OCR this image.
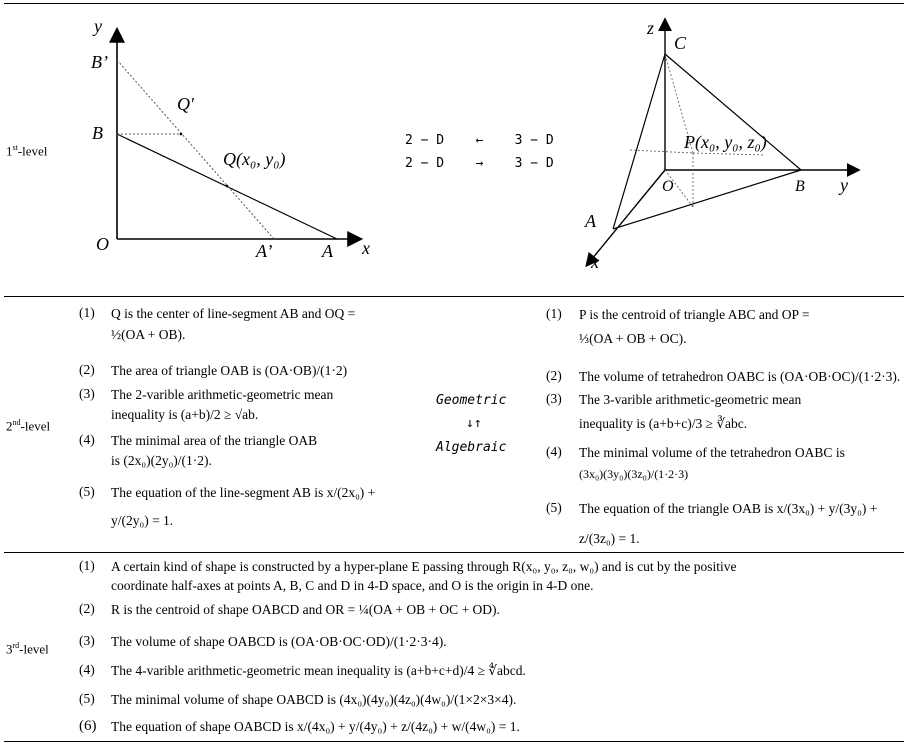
1st-level
2nd-level
3rd-level
y
x
B’
B
O	A’	A
Q′
Q(x₀, y₀)
2 − D    ←    3 − D
2 − D    →    3 − D
z
C
P(x₀, y₀, z₀)
O	B y
A
x
(1) Q is the center of line-segment AB and OQ =
½(OA + OB).
(2) The area of triangle OAB is (OA·OB)/(1·2)
(3) The 2-varible arithmetic-geometric mean
inequality is (a+b)/2 ≥ √ab.
(4) The minimal area of the triangle OAB
is (2x₀)(2y₀)/(1·2).
(5) The equation of the line-segment AB is x/(2x₀) +
y/(2y₀) = 1.
Geometric
↓↑
Algebraic
(1) P is the centroid of triangle ABC and OP =
⅓(OA + OB + OC).
(2) The volume of tetrahedron OABC is (OA·OB·OC)/(1·2·3).
(3) The 3-varible arithmetic-geometric mean
inequality is (a+b+c)/3 ≥ ∛abc.
(4) The minimal volume of the tetrahedron OABC is
(3x₀)(3y₀)(3z₀)/(1·2·3)
(5) The equation of the triangle OAB is x/(3x₀) + y/(3y₀) +
z/(3z₀) = 1.
(1) A certain kind of shape is constructed by a hyper-plane E passing through R(x₀, y₀, z₀, w₀) and is cut by the positive
coordinate half-axes at points A, B, C and D in 4-D space, and O is the origin in 4-D one.
(2) R is the centroid of shape OABCD and OR = ¼(OA + OB + OC + OD).
(3) The volume of shape OABCD is (OA·OB·OC·OD)/(1·2·3·4).
(4) The 4-varible arithmetic-geometric mean inequality is (a+b+c+d)/4 ≥ ∜abcd.
(5) The minimal volume of shape OABCD is (4x₀)(4y₀)(4z₀)(4w₀)/(1×2×3×4).
(6) The equation of shape OABCD is x/(4x₀) + y/(4y₀) + z/(4z₀) + w/(4w₀) = 1.
